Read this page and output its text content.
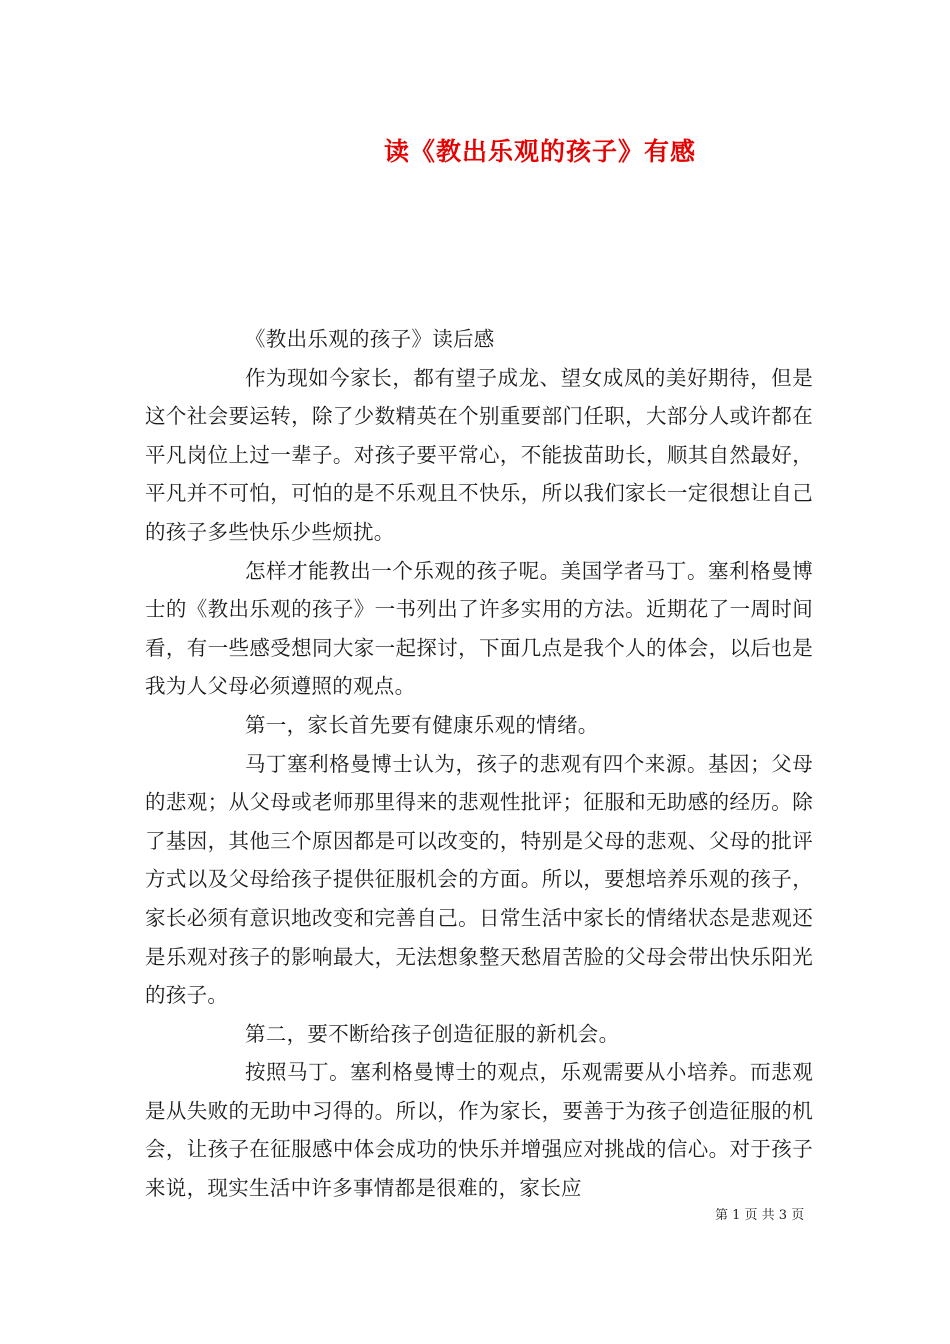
读《教出乐观的孩子》有感

《教出乐观的孩子》读后感

作为现如今家长，都有望子成龙、望女成凤的美好期待，但是这个社会要运转，除了少数精英在个别重要部门任职，大部分人或许都在平凡岗位上过一辈子。对孩子要平常心，不能拔苗助长，顺其自然最好，平凡并不可怕，可怕的是不乐观且不快乐，所以我们家长一定很想让自己的孩子多些快乐少些烦扰。

怎样才能教出一个乐观的孩子呢。美国学者马丁。塞利格曼博士的《教出乐观的孩子》一书列出了许多实用的方法。近期花了一周时间看，有一些感受想同大家一起探讨，下面几点是我个人的体会，以后也是我为人父母必须遵照的观点。

第一，家长首先要有健康乐观的情绪。

马丁塞利格曼博士认为，孩子的悲观有四个来源。基因；父母的悲观；从父母或老师那里得来的悲观性批评；征服和无助感的经历。除了基因，其他三个原因都是可以改变的，特别是父母的悲观、父母的批评方式以及父母给孩子提供征服机会的方面。所以，要想培养乐观的孩子，家长必须有意识地改变和完善自己。日常生活中家长的情绪状态是悲观还是乐观对孩子的影响最大，无法想象整天愁眉苦脸的父母会带出快乐阳光的孩子。

第二，要不断给孩子创造征服的新机会。

按照马丁。塞利格曼博士的观点，乐观需要从小培养。而悲观是从失败的无助中习得的。所以，作为家长，要善于为孩子创造征服的机会，让孩子在征服感中体会成功的快乐并增强应对挑战的信心。对于孩子来说，现实生活中许多事情都是很难的，家长应

第 1 页 共 3 页
